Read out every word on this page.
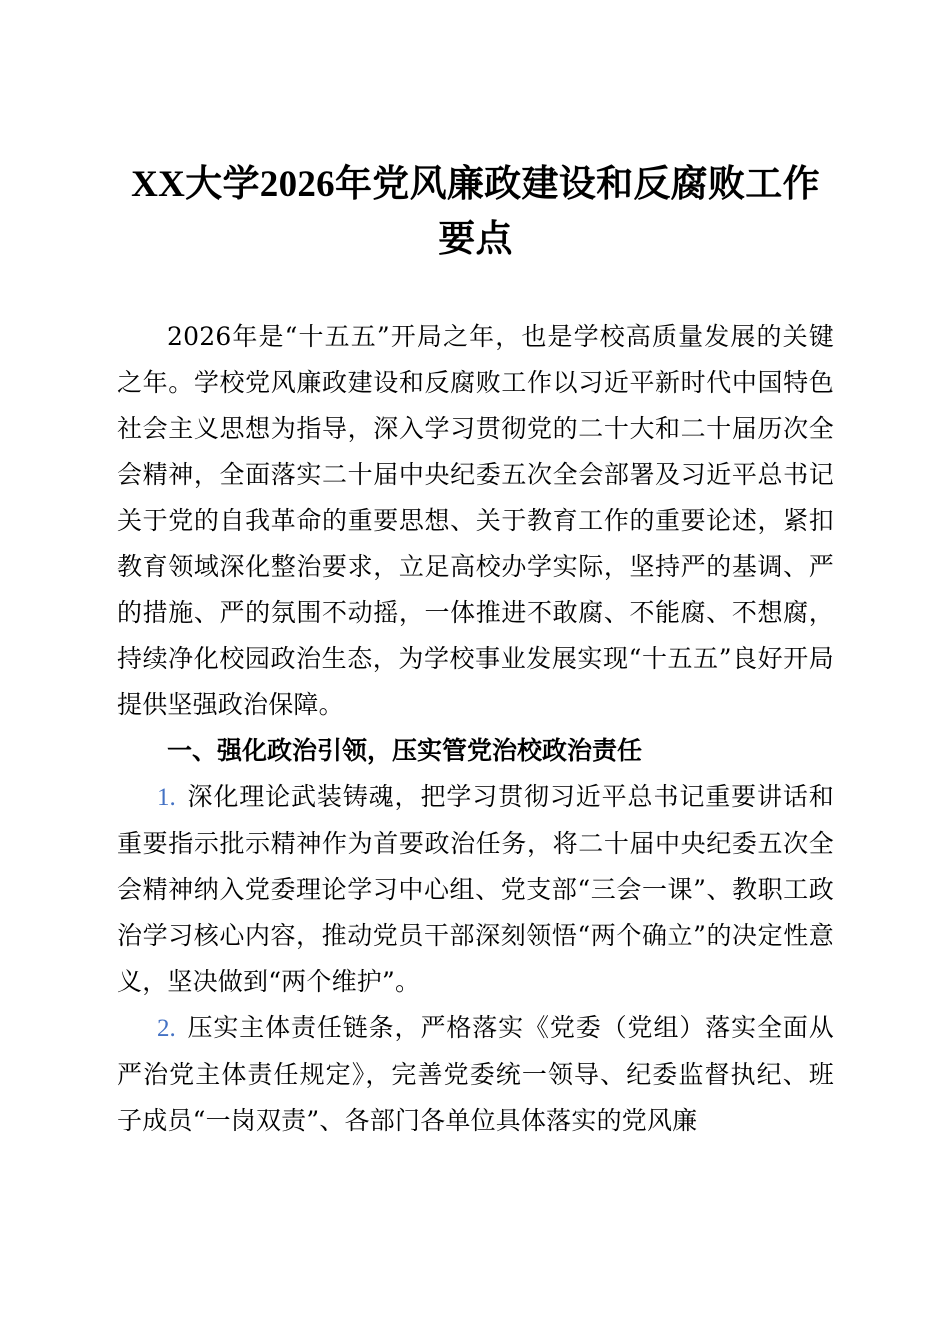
XX大学2026年党风廉政建设和反腐败工作要点

2026年是“十五五”开局之年，也是学校高质量发展的关键之年。学校党风廉政建设和反腐败工作以习近平新时代中国特色社会主义思想为指导，深入学习贯彻党的二十大和二十届历次全会精神，全面落实二十届中央纪委五次全会部署及习近平总书记关于党的自我革命的重要思想、关于教育工作的重要论述，紧扣教育领域深化整治要求，立足高校办学实际，坚持严的基调、严的措施、严的氛围不动摇，一体推进不敢腐、不能腐、不想腐，持续净化校园政治生态，为学校事业发展实现“十五五”良好开局提供坚强政治保障。

一、强化政治引领，压实管党治校政治责任
1. 深化理论武装铸魂，把学习贯彻习近平总书记重要讲话和重要指示批示精神作为首要政治任务，将二十届中央纪委五次全会精神纳入党委理论学习中心组、党支部“三会一课”、教职工政治学习核心内容，推动党员干部深刻领悟“两个确立”的决定性意义，坚决做到“两个维护”。
2. 压实主体责任链条，严格落实《党委（党组）落实全面从严治党主体责任规定》，完善党委统一领导、纪委监督执纪、班子成员“一岗双责”、各部门各单位具体落实的党风廉
